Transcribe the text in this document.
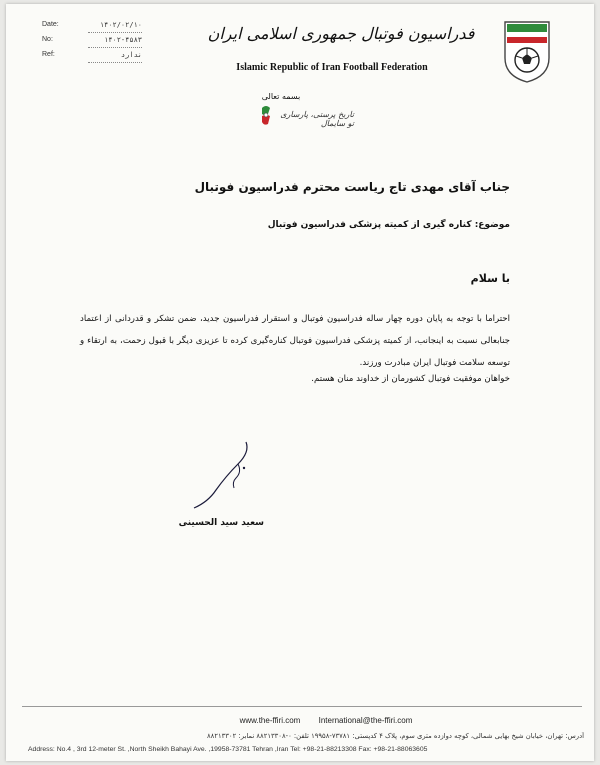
Date:	۱۴۰۲/۰۲/۱۰
No:	۱۴۰۲-۴۵۸۳
Ref:	ندارد
فدراسیون فوتبال جمهوری اسلامی ایران
Islamic Republic of Iran Football Federation
بسمه تعالی
تاریخ پرستی، پارساری تو سایمال
جناب آقای مهدی تاج ریاست محترم فدراسیون فوتبال
موضوع: کناره گیری از کمیته پزشکی فدراسیون فوتبال
با سلام
احتراما با توجه به پایان دوره چهار ساله فدراسیون فوتبال و استقرار فدراسیون جدید، ضمن تشکر و قدردانی از اعتماد جنابعالی نسبت به اینجانب، از کمیته پزشکی فدراسیون فوتبال کناره‌گیری کرده تا عزیزی دیگر با قبول زحمت، به ارتقاء و توسعه سلامت فوتبال ایران مبادرت ورزند.
خواهان موفقیت فوتبال کشورمان از خداوند منان هستم.
سعید سید الحسینی
www.the-ffiri.com International@the-ffiri.com
آدرس: تهران، خیابان شیخ بهایی شمالی، کوچه دوازده متری سوم، پلاک ۴ کدپستی: ۷۳۷۸۱-۱۹۹۵۸ تلفن: ۰-۸۸۲۱۳۳۰۸ نمابر: ۸۸۲۱۳۳۰۲
Address: No.4 , 3rd 12-meter St. ,North Sheikh Bahayi Ave. ,19958-73781 Tehran ,Iran Tel: +98-21-88213308 Fax: +98-21-88063605
